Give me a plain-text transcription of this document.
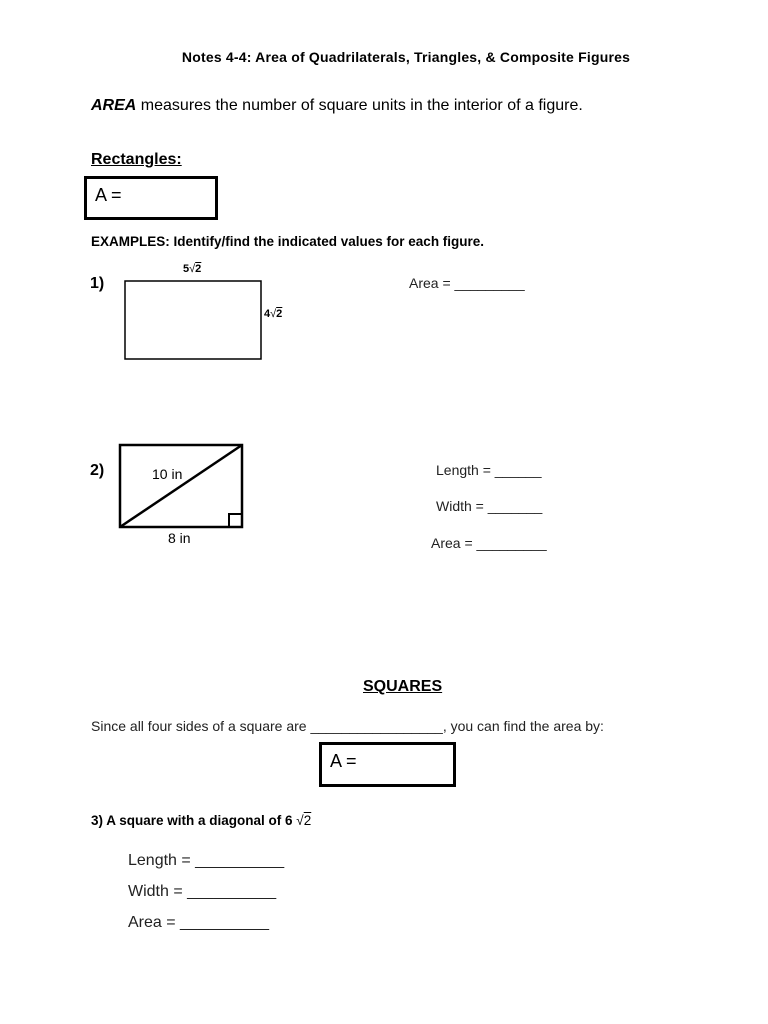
Notes 4-4: Area of Quadrilaterals, Triangles, & Composite Figures
AREA measures the number of square units in the interior of a figure.
Rectangles:
A =
EXAMPLES: Identify/find the indicated values for each figure.
1)
5√2
4√2
Area = _________
2)	10 in
8 in
Length = ______
Width = _______
Area = _________
SQUARES
Since all four sides of a square are _________________, you can find the area by:
A =
3) A square with a diagonal of 6 √2
Length = __________
Width = __________
Area = __________
